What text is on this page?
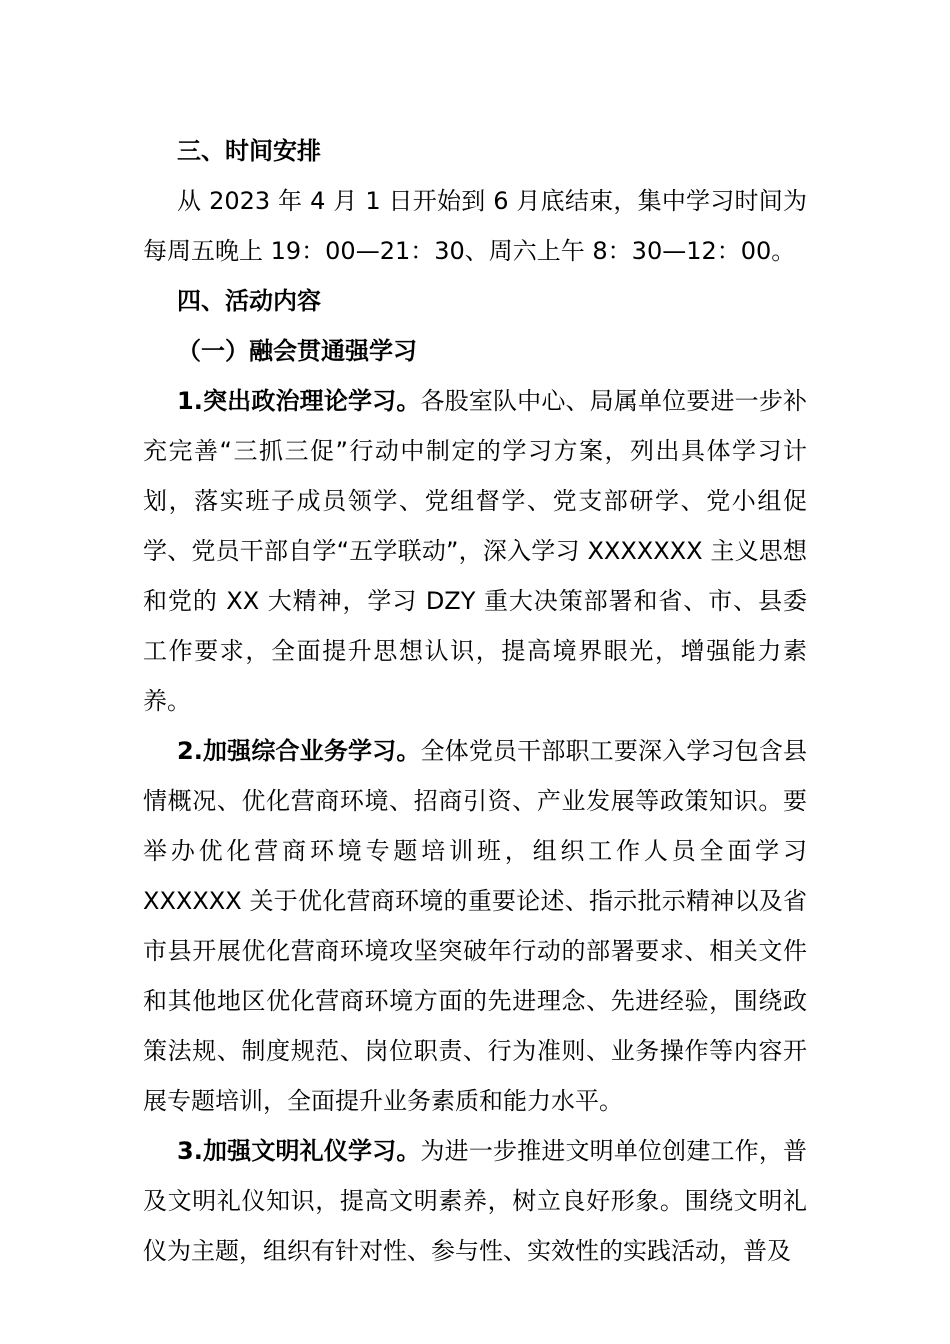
三、时间安排

从 2023 年 4 月 1 日开始到 6 月底结束，集中学习时间为每周五晚上 19：00—21：30、周六上午 8：30—12：00。

四、活动内容

（一）融会贯通强学习

1.突出政治理论学习。各股室队中心、局属单位要进一步补充完善“三抓三促”行动中制定的学习方案，列出具体学习计划，落实班子成员领学、党组督学、党支部研学、党小组促学、党员干部自学“五学联动”，深入学习 XXXXXXX 主义思想和党的 XX 大精神，学习 DZY 重大决策部署和省、市、县委工作要求，全面提升思想认识，提高境界眼光，增强能力素养。

2.加强综合业务学习。全体党员干部职工要深入学习包含县情概况、优化营商环境、招商引资、产业发展等政策知识。要举办优化营商环境专题培训班，组织工作人员全面学习 XXXXXX 关于优化营商环境的重要论述、指示批示精神以及省市县开展优化营商环境攻坚突破年行动的部署要求、相关文件和其他地区优化营商环境方面的先进理念、先进经验，围绕政策法规、制度规范、岗位职责、行为准则、业务操作等内容开展专题培训，全面提升业务素质和能力水平。

3.加强文明礼仪学习。为进一步推进文明单位创建工作，普及文明礼仪知识，提高文明素养，树立良好形象。围绕文明礼仪为主题，组织有针对性、参与性、实效性的实践活动，普及
